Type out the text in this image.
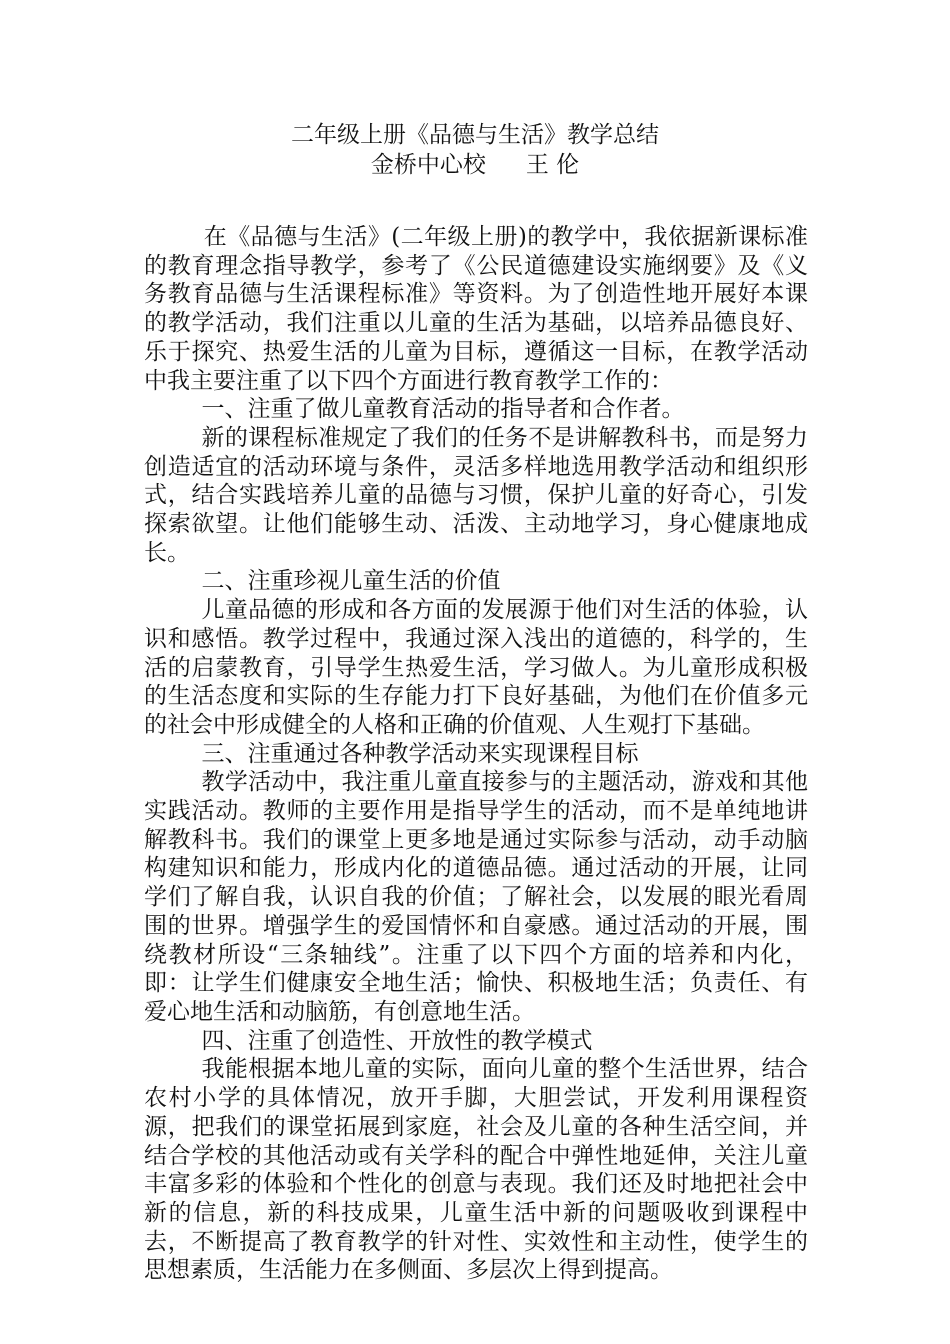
二年级上册《品德与生活》教学总结
金桥中心校 王 伦

在《品德与生活》(二年级上册)的教学中，我依据新课标准的教育理念指导教学，参考了《公民道德建设实施纲要》及《义务教育品德与生活课程标准》等资料。为了创造性地开展好本课的教学活动，我们注重以儿童的生活为基础，以培养品德良好、乐于探究、热爱生活的儿童为目标，遵循这一目标，在教学活动中我主要注重了以下四个方面进行教育教学工作的：

一、注重了做儿童教育活动的指导者和合作者。

新的课程标准规定了我们的任务不是讲解教科书，而是努力创造适宜的活动环境与条件，灵活多样地选用教学活动和组织形式，结合实践培养儿童的品德与习惯，保护儿童的好奇心，引发探索欲望。让他们能够生动、活泼、主动地学习，身心健康地成长。

二、注重珍视儿童生活的价值

儿童品德的形成和各方面的发展源于他们对生活的体验，认识和感悟。教学过程中，我通过深入浅出的道德的，科学的，生活的启蒙教育，引导学生热爱生活，学习做人。为儿童形成积极的生活态度和实际的生存能力打下良好基础，为他们在价值多元的社会中形成健全的人格和正确的价值观、人生观打下基础。

三、注重通过各种教学活动来实现课程目标

教学活动中，我注重儿童直接参与的主题活动，游戏和其他实践活动。教师的主要作用是指导学生的活动，而不是单纯地讲解教科书。我们的课堂上更多地是通过实际参与活动，动手动脑构建知识和能力，形成内化的道德品德。通过活动的开展，让同学们了解自我，认识自我的价值；了解社会，以发展的眼光看周围的世界。增强学生的爱国情怀和自豪感。通过活动的开展，围绕教材所设“三条轴线”。注重了以下四个方面的培养和内化，即：让学生们健康安全地生活；愉快、积极地生活；负责任、有爱心地生活和动脑筋，有创意地生活。

四、注重了创造性、开放性的教学模式

我能根据本地儿童的实际，面向儿童的整个生活世界，结合农村小学的具体情况，放开手脚，大胆尝试，开发利用课程资源，把我们的课堂拓展到家庭，社会及儿童的各种生活空间，并结合学校的其他活动或有关学科的配合中弹性地延伸，关注儿童丰富多彩的体验和个性化的创意与表现。我们还及时地把社会中新的信息，新的科技成果，儿童生活中新的问题吸收到课程中去，不断提高了教育教学的针对性、实效性和主动性，使学生的思想素质，生活能力在多侧面、多层次上得到提高。
